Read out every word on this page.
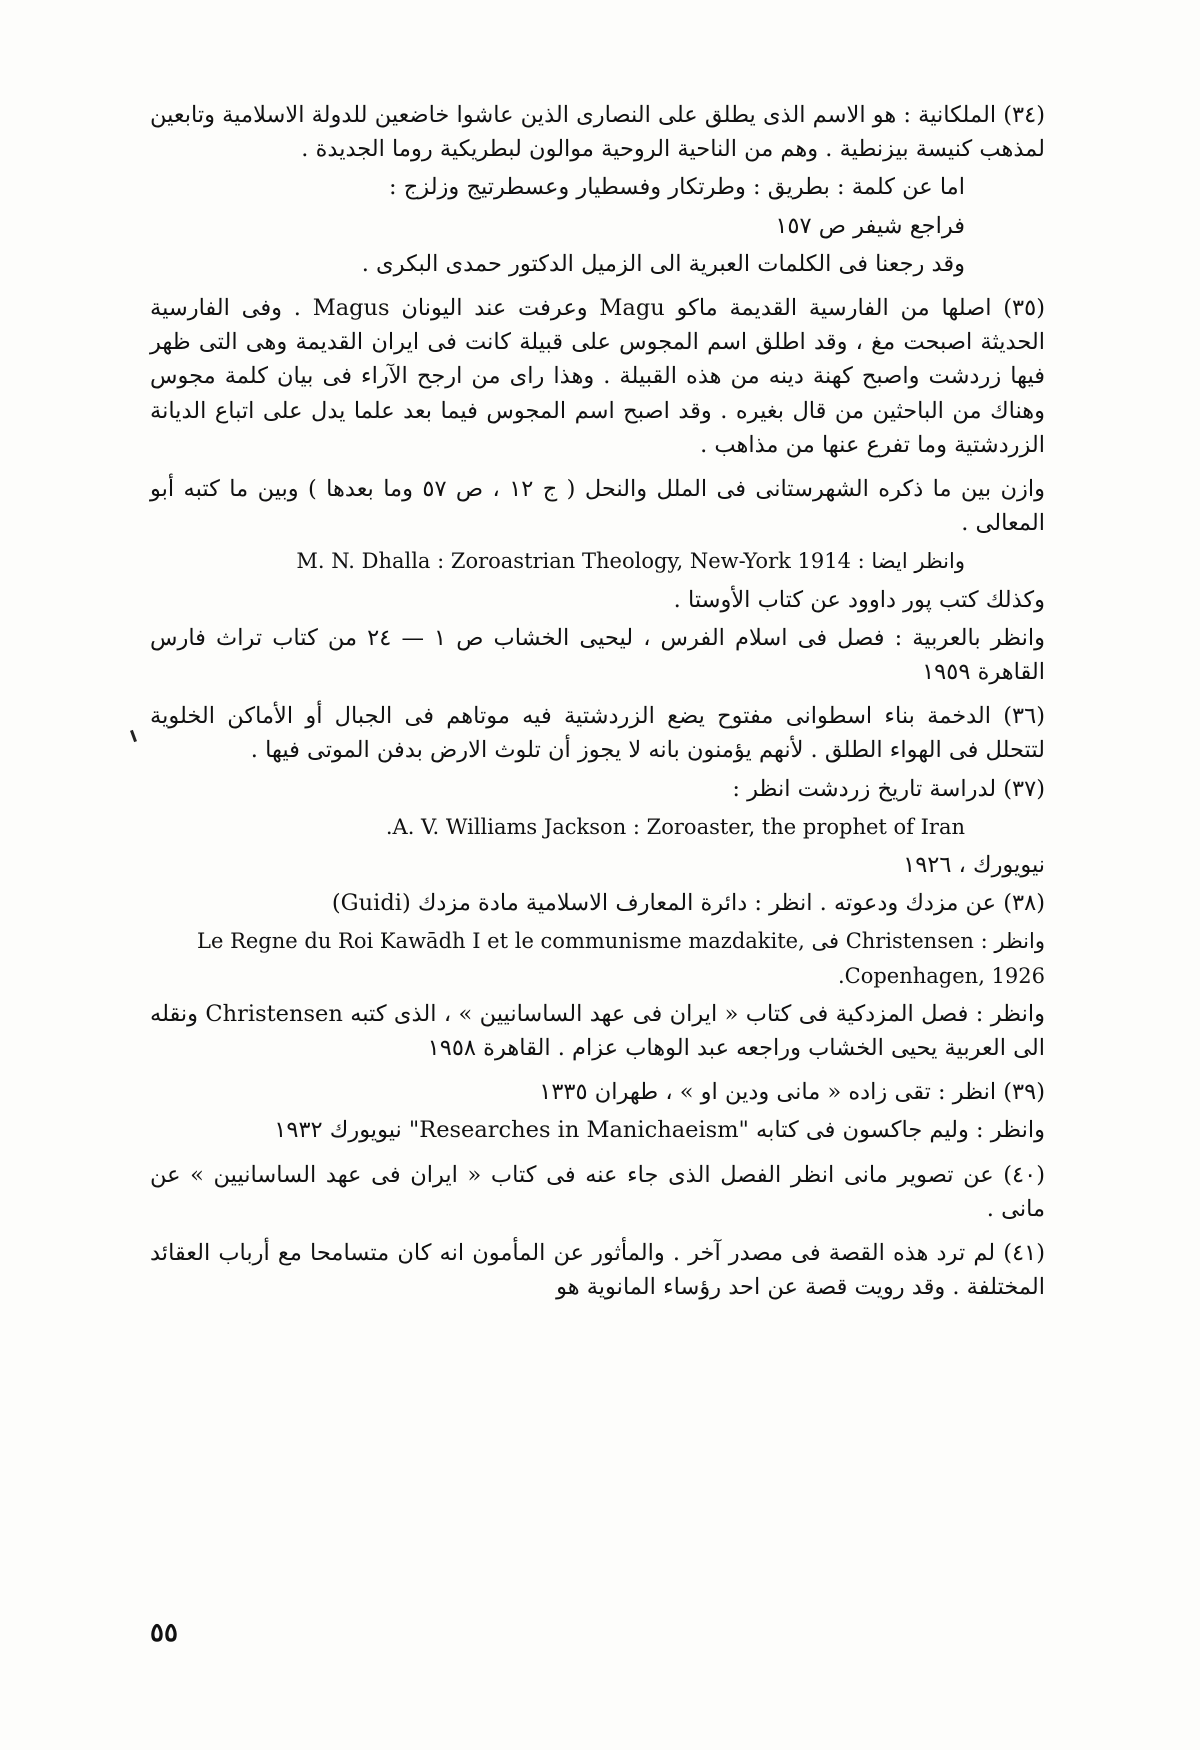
(٣٤) الملكانية : هو الاسم الذى يطلق على النصارى الذين عاشوا خاضعين للدولة الاسلامية وتابعين لمذهب كنيسة بيزنطية . وهم من الناحية الروحية موالون لبطريكية روما الجديدة .

اما عن كلمة : بطريق : وطرتكار وفسطيار وعسطرتيج وزلزج :

فراجع شيفر ص ١٥٧

وقد رجعنا فى الكلمات العبرية الى الزميل الدكتور حمدى البكرى .

(٣٥) اصلها من الفارسية القديمة ماكو Magu وعرفت عند اليونان Magus . وفى الفارسية الحديثة اصبحت مغ ، وقد اطلق اسم المجوس على قبيلة كانت فى ايران القديمة وهى التى ظهر فيها زردشت واصبح كهنة دينه من هذه القبيلة . وهذا راى من ارجح الآراء فى بيان كلمة مجوس وهناك من الباحثين من قال بغيره . وقد اصبح اسم المجوس فيما بعد علما يدل على اتباع الديانة الزردشتية وما تفرع عنها من مذاهب .

وازن بين ما ذكره الشهرستانى فى الملل والنحل ( ج ١٢ ، ص ٥٧ وما بعدها ) وبين ما كتبه أبو المعالى .

وانظر ايضا : M. N. Dhalla : Zoroastrian Theology, New-York 1914

وكذلك كتب پور داوود عن كتاب الأوستا .

وانظر بالعربية : فصل فى اسلام الفرس ، ليحيى الخشاب ص ١ — ٢٤ من كتاب تراث فارس القاهرة ١٩٥٩

(٣٦) الدخمة بناء اسطوانى مفتوح يضع الزردشتية فيه موتاهم فى الجبال أو الأماكن الخلوية لتتحلل فى الهواء الطلق . لأنهم يؤمنون بانه لا يجوز أن تلوث الارض بدفن الموتى فيها .

(٣٧) لدراسة تاريخ زردشت انظر :

A. V. Williams Jackson : Zoroaster, the prophet of Iran.

نيويورك ، ١٩٢٦

(٣٨) عن مزدك ودعوته . انظر : دائرة المعارف الاسلامية مادة مزدك (Guidi)

وانظر : Christensen فى Le Regne du Roi Kawādh I et le communisme mazdakite, Copenhagen, 1926.

وانظر : فصل المزدكية فى كتاب « ايران فى عهد الساسانيين » ، الذى كتبه Christensen ونقله الى العربية يحيى الخشاب وراجعه عبد الوهاب عزام . القاهرة ١٩٥٨

(٣٩) انظر : تقى زاده « مانى ودين او » ، طهران ١٣٣٥

وانظر : وليم جاكسون فى كتابه "Researches in Manichaeism" نيويورك ١٩٣٢

(٤٠) عن تصوير مانى انظر الفصل الذى جاء عنه فى كتاب « ايران فى عهد الساسانيين » عن مانى .

(٤١) لم ترد هذه القصة فى مصدر آخر . والمأثور عن المأمون انه كان متسامحا مع أرباب العقائد المختلفة . وقد رويت قصة عن احد رؤساء المانوية هو

٥٥
